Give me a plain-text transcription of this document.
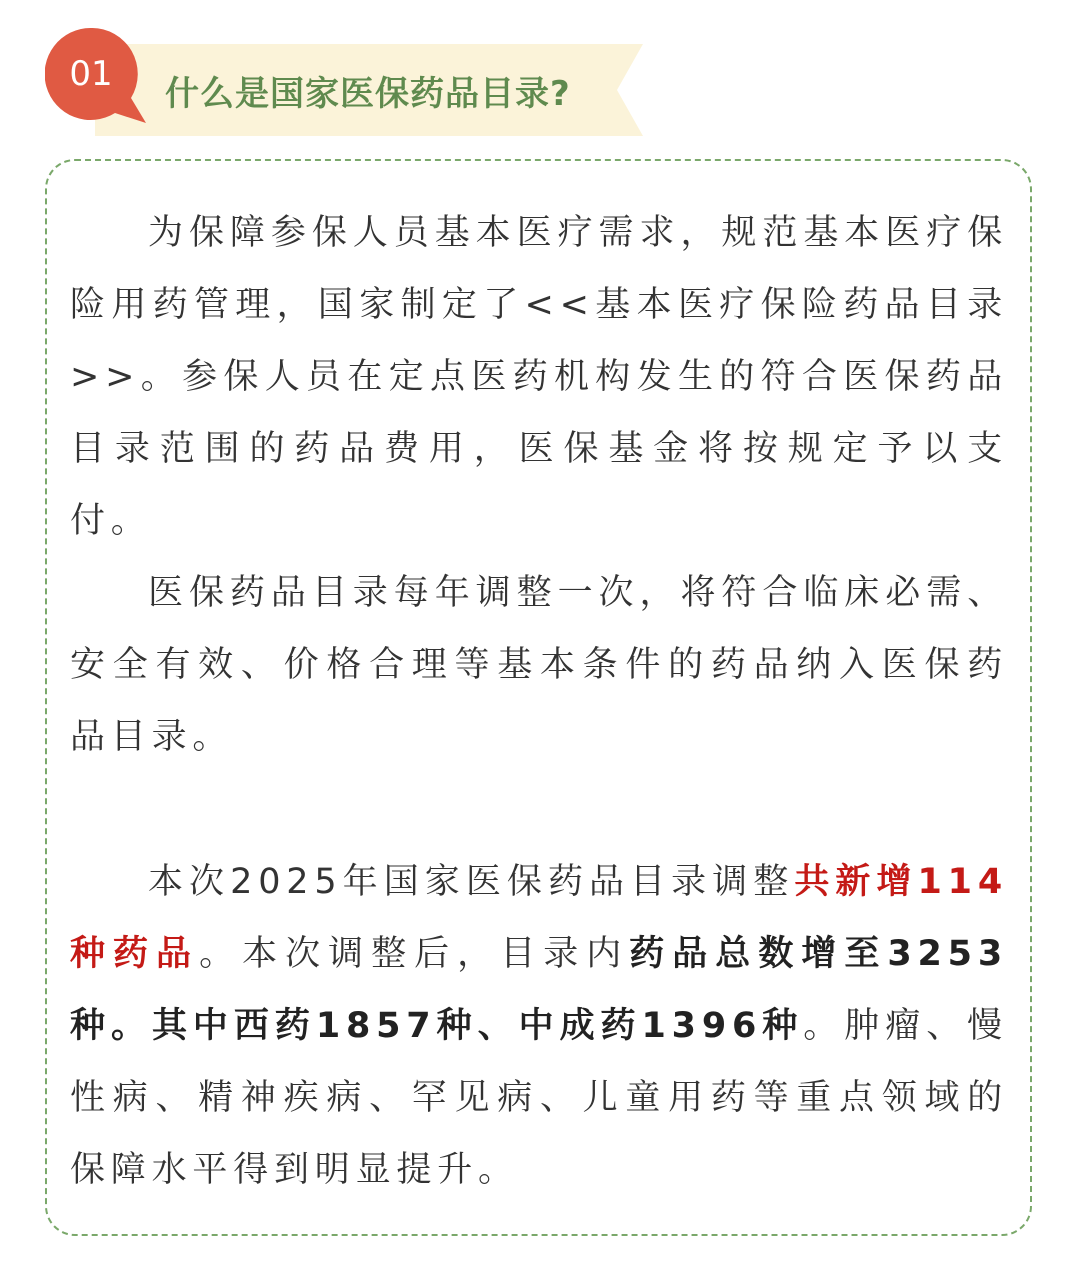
什么是国家医保药品目录?
01

为保障参保人员基本医疗需求，规范基本医疗保险用药管理，国家制定了<<基本医疗保险药品目录>>。参保人员在定点医药机构发生的符合医保药品目录范围的药品费用，医保基金将按规定予以支付。

医保药品目录每年调整一次，将符合临床必需、安全有效、价格合理等基本条件的药品纳入医保药品目录。

本次2025年国家医保药品目录调整共新增114种药品。本次调整后，目录内药品总数增至3253种。其中西药1857种、中成药1396种。肿瘤、慢性病、精神疾病、罕见病、儿童用药等重点领域的保障水平得到明显提升。
